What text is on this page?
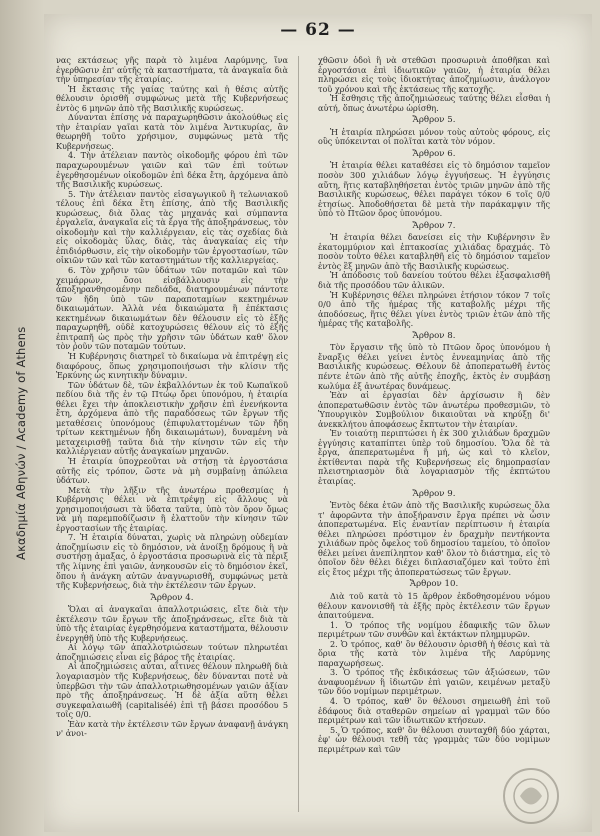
Ακαδημία Αθηνών / Academy of Athens
— 62 —

νας εκτάσεως γῆς παρὰ τὸ λιμένα Λαρύμνης, ἵνα ἐγερθῶσιν ἐπ' αὐτῆς τὰ καταστήματα, τὰ ἀναγκαῖα διὰ τὴν ὑπηρεσίαν τῆς ἑταιρίας.

Ἡ ἔκτασις τῆς γαίας ταύτης καὶ ἡ θέσις αὐτῆς θέλουσιν ὁρισθῆ συμφώνως μετὰ τῆς Κυβερνήσεως ἐντὸς 6 μηνῶν ἀπὸ τῆς Βασιλικῆς κυρώσεως.

Δύνανται ἐπίσης νὰ παραχωρηθῶσιν ἀκολούθως εἰς τὴν ἑταιρίαν γαῖαι κατὰ τὸν λιμένα Ἀντικυρίας, ἂν θεωρηθῆ τοῦτο χρήσιμον, συμφώνως μετὰ τῆς Κυβερνήσεως.

4. Τὴν ἀτέλειαν παντὸς οἰκοδομῆς φόρου ἐπὶ τῶν παραχωρουμένων γαιῶν καὶ τῶν ἐπὶ τούτων ἐγερθησομένων οἰκοδομῶν ἐπὶ δέκα ἔτη, ἀρχόμενα ἀπὸ τῆς Βασιλικῆς κυρώσεως.

5. Τὴν ἀτέλειαν παντὸς εἰσαγωγικοῦ ἢ τελωνιακοῦ τέλους ἐπὶ δέκα ἔτη ἐπίσης, ἀπὸ τῆς Βασιλικῆς κυρώσεως, διὰ ὅλας τὰς μηχανάς καὶ σύμπαντα ἐργαλεῖα, ἀναγκαῖα εἰς τὰ ἔργα τῆς ἀποξηράνσεως, τὸν οἰκοδομὴν καὶ τὴν καλλιέργειαν, εἰς τὰς σχεδίας διὰ εἰς οἰκοδομὰς ὕλας, διὰς, τὰς ἀναγκαίας εἰς τὴν ἐπιδιόρθωσιν, εἰς τὴν οἰκοδομὴν τῶν ἐργοστασίων, τῶν οἰκιῶν τῶν καὶ τῶν καταστημάτων τῆς καλλιεργείας.

6. Τὸν χρῆσιν τῶν ὑδάτων τῶν ποταμῶν καὶ τῶν χειμάρρων, ὅσοι εἰσβάλλουσιν εἰς τὴν ἀποξηρανθησομένην πεδιάδα, διατηρουμένων πάντοτε τῶν ἤδη ὑπὸ τῶν παραποταμίων κεκτημένων δικαιωμάτων. Ἀλλὰ νέα δικαιώματα ἢ ἐπέκτασις κεκτημένων δικαιωμάτων δὲν θέλουσιν εἰς τὸ ἑξῆς παραχωρηθῆ, οὐδὲ κατοχυρώσεις θέλουν εἰς τὸ ἑξῆς ἐπιτραπῆ ὡς πρὸς τὴν χρῆσιν τῶν ὑδάτων καθ' ὅλον τὸν ῥοῦν τῶν ποταμῶν τούτων.

Ἡ Κυβέρνησις διατηρεῖ τὸ δικαίωμα νὰ ἐπιτρέψῃ εἰς διαφόρους, ὅπως χρησιμοποιήσωσι τὴν κλίσιν τῆς Ἑρκύνης ὡς κινητικὴν δύναμιν.

Τῶν ὑδάτων δὲ, τῶν ἐκβαλλόντων ἐκ τοῦ Κωπαϊκοῦ πεδίου διὰ τῆς ἐν τῷ Πτώῳ ὄρει ὑπονόμου, ἡ ἑταιρία θέλει ἔχει τὴν ἀποκλειστικὴν χρῆσιν ἐπὶ ἐνενήκοντα ἔτη, ἀρχόμενα ἀπὸ τῆς παραδόσεως τῶν ἔργων τῆς μεταθέσεις ὑπονόμους (ἐπιφυλαττομένων τῶν ἤδη τρίτων κεκτημένων ἤδη δικαιωμάτων), δυναμένη νὰ μεταχειρισθῇ ταῦτα διὰ τὴν κίνησιν τῶν εἰς τὴν καλλιέργειαν αὐτῆς ἀναγκαίων μηχανῶν.

Ἡ ἑταιρία ὑποχρεοῦται νὰ στήσῃ τὰ ἐργοστάσια αὐτῆς εἰς τρόπον, ὥστε νὰ μὴ συμβαίνῃ ἀπώλεια ὑδάτων.

Μετὰ τὴν λῆξιν τῆς ἀνωτέρω προθεσμίας ἡ Κυβέρνησις θέλει νὰ ἐπιτρέψῃ εἰς ἄλλους νὰ χρησιμοποιήσωσι τὰ ὕδατα ταῦτα, ὑπὸ τὸν ὅρον ὅμως νὰ μὴ παρεμποδίζωσιν ἢ ἐλαττοῦν τὴν κίνησιν τῶν ἐργοστασίων τῆς ἑταιρίας.

7. Ἡ ἑταιρία δύναται, χωρὶς νὰ πληρώνῃ οὐδεμίαν ἀποζημίωσιν εἰς τὸ δημόσιον, νὰ ἀνοίξῃ δρόμους ἢ νὰ συστήσῃ ἁμαξας, ὁ ἐργοστάσια προσωρινὰ εἰς τὰ πέριξ τῆς λίμνης ἐπὶ γαιῶν, ἀνηκουσῶν εἰς τὸ δημόσιον ἐκεῖ, ὅπου ἡ ἀνάγκη αὐτῶν ἀναγνωρισθῆ, συμφώνως μετὰ τῆς Κυβερνήσεως, διὰ τὴν ἐκτέλεσιν τῶν ἔργων.

Ἄρθρον 4.

Ὅλαι αἱ ἀναγκαῖαι ἀπαλλοτριώσεις, εἴτε διὰ τὴν ἐκτέλεσιν τῶν ἔργων τῆς ἀποξηράνσεως, εἴτε διὰ τὰ ὑπὸ τῆς ἑταιρίας ἐγερθησόμενα καταστήματα, θέλουσιν ἐνεργηθῆ ὑπὸ τῆς Κυβερνήσεως.

Αἱ λόγῳ τῶν ἀπαλλοτριώσεων τούτων πληρωτέαι ἀποζημιώσεις εἶναι εἰς βάρος τῆς ἑταιρίας.

Αἱ ἀποζημιώσεις αὗται, αἵτινες θέλουν πληρωθῆ διὰ λογαριασμὸν τῆς Κυβερνήσεως, δὲν δύνανται ποτὲ νὰ ὑπερβῶσι τὴν τῶν ἀπαλλοτριωθησομένων γαιῶν ἀξίαν πρὸ τῆς ἀποξηράνσεως. Ἡ δὲ ἀξία αὕτη θέλει συγκεφαλαιωθῆ (capitaliséé) ἐπὶ τῇ βάσει προσόδου 5 τοῖς 0/0.

Ἐὰν κατὰ τὴν ἐκτέλεσιν τῶν ἔργων ἀναφανῇ ἀνάγκη ν' ἀνοι-

χθῶσιν ὁδοὶ ἢ νὰ στεθῶσι προσωρινὰ ἀποθῆκαι καὶ ἐργοστάσια ἐπὶ ἰδιωτικῶν γαιῶν, ἡ ἑταιρία θέλει πληρώσει εἰς τοὺς ἰδιοκτήτας ἀποζημίωσιν, ἀνάλογον τοῦ χρόνου καὶ τῆς ἐκτάσεως τῆς κατοχῆς.

Ἡ ἔσθησις τῆς ἀποζημιώσεως ταύτης θέλει εἶσθαι ἡ αὐτή, ὅπως ἀνωτέρω ὡρίσθη.

Ἄρθρον 5.

Ἡ ἑταιρία πληρώσει μόνον τοὺς αὐτοὺς φόρους, εἰς οὓς ὑπόκεινται οἱ πολῖται κατὰ τὸν νόμον.

Ἄρθρον 6.

Ἡ ἑταιρία θέλει καταθέσει εἰς τὸ δημόσιον ταμεῖον ποσὸν 300 χιλιάδων λόγῳ ἐγγυήσεως. Ἡ ἐγγύησις αὕτη, ἥτις καταβληθήσεται ἐντὸς τριῶν μηνῶν ἀπὸ τῆς Βασιλικῆς κυρώσεως, θέλει παράγει τόκον 6 τοῖς 0/0 ἐτησίως. Ἀποδοθήσεται δὲ μετὰ τὴν παράκαμψιν τῆς ὑπὸ τὸ Πτῶον ὄρος ὑπονόμου.

Ἄρθρον 7.

Ἡ ἑταιρία θέλει δανείσει εἰς τὴν Κυβέρνησιν ἓν ἑκατομμύριον καὶ ἑπτακοσίας χιλιάδας δραχμάς. Τὸ ποσὸν τοῦτο θέλει καταβληθῆ εἰς τὸ δημόσιον ταμεῖον ἐντὸς ἓξ μηνῶν ἀπὸ τῆς Βασιλικῆς κυρώσεως.

Ἡ ἀπόδοσις τοῦ δανείου τούτου θέλει ἐξασφαλισθῆ διὰ τῆς προσόδου τῶν ἁλικῶν.

Ἡ Κυβέρνησις θέλει πληρώνει ἐτήσιον τόκον 7 τοῖς 0/0 ἀπὸ τῆς ἡμέρας τῆς καταβολῆς μέχρι τῆς ἀποδόσεως, ἥτις θέλει γίνει ἐντὸς τριῶν ἐτῶν ἀπὸ τῆς ἡμέρας τῆς καταβολῆς.

Ἄρθρον 8.

Τὸν ἔργασιν τῆς ὑπὸ τὸ Πτῶον ὄρος ὑπονόμου ἡ ἔναρξις θέλει γείνει ἐντὸς ἐννεαμηνίας ἀπὸ τῆς Βασιλικῆς κυρώσεως. Θέλουν δὲ ἀποπερατωθῆ ἐντὸς πέντε ἐτῶν ἀπὸ τῆς αὐτῆς ἐποχῆς, ἐκτὸς ἐν συμβάσῃ κωλύμα ἐξ ἀνωτέρας δυνάμεως.

Ἐὰν αἱ ἐργασίαι δὲν ἀρχίσωσιν ἢ δὲν ἀποπερατωθῶσιν ἐντὸς τῶν ἀνωτέρω προθεσμιῶν, τὸ Ὑπουργικὸν Συμβούλιον δικαιοῦται νὰ κηρύξῃ δι' ἀνεκκλήτου ἀποφάσεως ἔκπτωτον τὴν ἑταιρίαν.

Ἐν τοιαύτῃ περιπτώσει ἡ ἐκ 300 χιλιάδων δραχμῶν ἐγγύησις καταπίπτει ὑπὲρ τοῦ δημοσίου. Ὅλα δὲ τὰ ἔργα, ἀπεπερατωμένα ἢ μή, ὡς καὶ τὸ κλεῖον, ἐκτίθενται παρὰ τῆς Κυβερνήσεως εἰς δημοπρασίαν πλειστηριασμὸν διὰ λογαριασμὸν τῆς ἐκπτώτου ἑταιρίας.

Ἄρθρον 9.

Ἐντὸς δέκα ἐτῶν ἀπὸ τῆς Βασιλικῆς κυρώσεως ὅλα τ' ἀφορῶντα τὴν ἀποξήρανσιν ἔργα πρέπει νὰ ὦσιν ἀποπερατωμένα. Εἰς ἐναντίαν περίπτωσιν ἡ ἑταιρία θέλει πληρώσει πρόστιμον ἐν δραχμὴν πεντήκοντα χιλιάδων πρὸς ὄφελος τοῦ δημοσίου ταμείου, τὸ ὁποῖον θέλει μείνει ἀνεπίληπτον καθ' ὅλον τὸ διάστημα, εἰς τὸ ὁποῖον δὲν θέλει διέχει διπλασιαζόμεν καὶ τοῦτο ἐπὶ εἰς ἔτος μέχρι τῆς ἀποπερατώσεως τῶν ἔργων.

Ἄρθρον 10.

Διὰ τοῦ κατὰ τὸ 15 ἄρθρον ἐκδοθησομένου νόμου θέλουν κανονισθῆ τὰ ἑξῆς πρὸς ἐκτέλεσιν τῶν ἔργων ἀπαιτούμενα.

1. Ὁ τρόπος τῆς νομίμου ἐδαφικῆς τῶν ὅλων περιμέτρων τῶν συνθῶν καὶ ἐκτάκτων πλημμυρῶν.

2. Ὁ τρόπος, καθ' ὃν θέλουσιν ὁρισθῆ ἡ θέσις καὶ τὰ ὅρια τῆς κατὰ τὸν λιμένα τῆς Λαρύμνης παραχωρήσεως.

3. Ὁ τρόπος τῆς ἐκδικάσεως τῶν ἀξιώσεων, τῶν ἀναφυομένων ἢ ἰδιωτῶν ἐπὶ γαιῶν, κειμένων μεταξὺ τῶν δύο νομίμων περιμέτρων.

4. Ὁ τρόπος, καθ' ὃν θέλουσι σημειωθῆ ἐπὶ τοῦ ἐδάφους διὰ σταθερῶν σημείων αἱ γραμμαὶ τῶν δύο περιμέτρων καὶ τῶν ἰδιωτικῶν κτήσεων.

5. Ὁ τρόπος, καθ' ὃν θέλουσι συνταχθῆ δύο χάρται, ἐφ' ὧν θέλουσι τεθῆ τὰς γραμμὰς τῶν δύο νομίμων περιμέτρων καὶ τῶν
